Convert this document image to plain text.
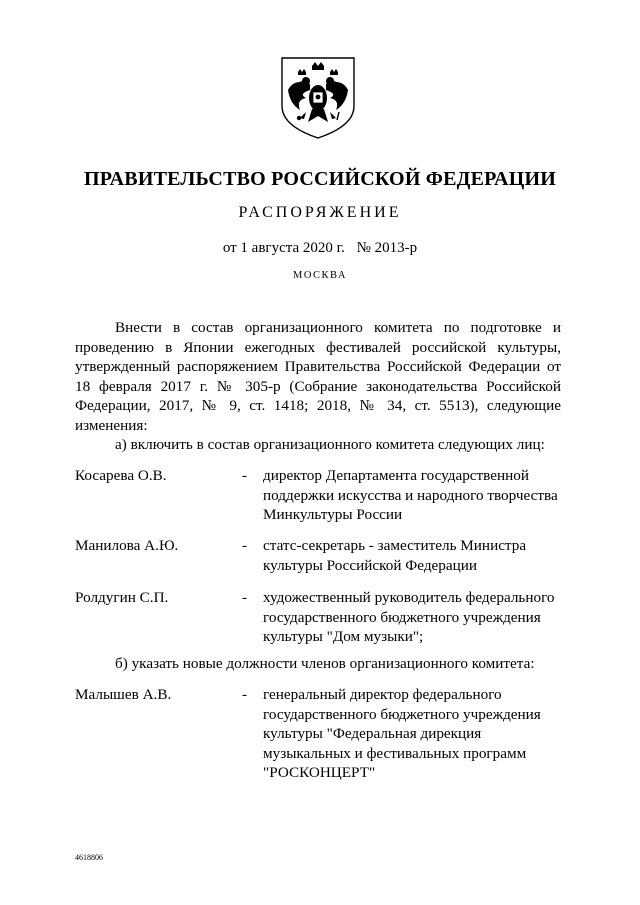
ПРАВИТЕЛЬСТВО РОССИЙСКОЙ ФЕДЕРАЦИИ
РАСПОРЯЖЕНИЕ
от 1 августа 2020 г. № 2013-р
МОСКВА
Внести в состав организационного комитета по подготовке и проведению в Японии ежегодных фестивалей российской культуры, утвержденный распоряжением Правительства Российской Федерации от 18 февраля 2017 г. № 305-р (Собрание законодательства Российской Федерации, 2017, № 9, ст. 1418; 2018, № 34, ст. 5513), следующие изменения:
а) включить в состав организационного комитета следующих лиц:
Косарева О.В.	- директор Департамента государственной поддержки искусства и народного творчества Минкультуры России
Манилова А.Ю.	- статс-секретарь - заместитель Министра культуры Российской Федерации
Ролдугин С.П.	- художественный руководитель федерального государственного бюджетного учреждения культуры "Дом музыки";
б) указать новые должности членов организационного комитета:
Малышев А.В.	- генеральный директор федерального государственного бюджетного учреждения культуры "Федеральная дирекция музыкальных и фестивальных программ "РОСКОНЦЕРТ"
4618806
